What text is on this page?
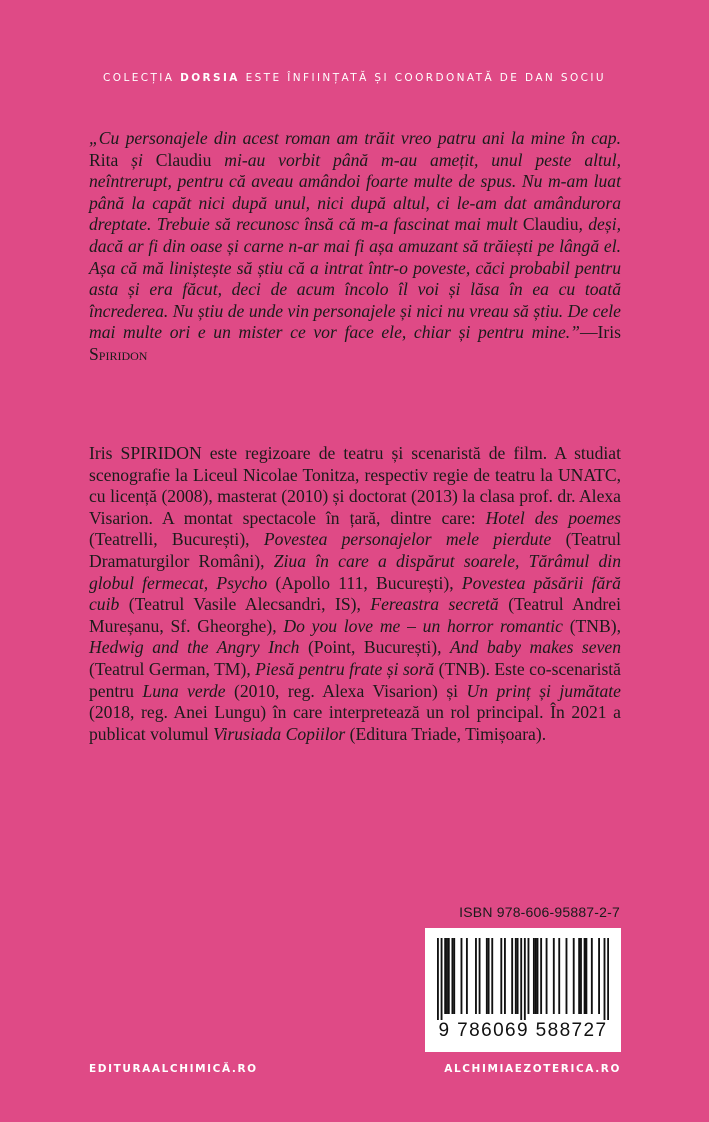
COLECȚIA DORSIA ESTE ÎNFIINȚATĂ ȘI COORDONATĂ DE DAN SOCIU
„Cu personajele din acest roman am trăit vreo patru ani la mine în cap. Rita și Claudiu mi-au vorbit până m-au amețit, unul peste altul, neîntrerupt, pentru că aveau amândoi foarte multe de spus. Nu m-am luat până la capăt nici după unul, nici după altul, ci le-am dat amândurora dreptate. Trebuie să recunosc însă că m-a fascinat mai mult Claudiu, deși, dacă ar fi din oase și carne n-ar mai fi așa amuzant să trăiești pe lângă el. Așa că mă liniștește să știu că a intrat într-o poveste, căci probabil pentru asta și era făcut, deci de acum încolo îl voi și lăsa în ea cu toată încrederea. Nu știu de unde vin personajele și nici nu vreau să știu. De cele mai multe ori e un mister ce vor face ele, chiar și pentru mine.”—Iris Spiridon
Iris SPIRIDON este regizoare de teatru și scenaristă de film. A studiat scenografie la Liceul Nicolae Tonitza, respectiv regie de teatru la UNATC, cu licență (2008), masterat (2010) și doctorat (2013) la clasa prof. dr. Alexa Visarion. A montat spectacole în țară, dintre care: Hotel des poemes (Teatrelli, București), Povestea personajelor mele pierdute (Teatrul Dramaturgilor Români), Ziua în care a dispărut soarele, Tărâmul din globul fermecat, Psycho (Apollo 111, București), Povestea păsării fără cuib (Teatrul Vasile Alecsandri, IS), Fereastra secretă (Teatrul Andrei Mureșanu, Sf. Gheorghe), Do you love me – un horror romantic (TNB), Hedwig and the Angry Inch (Point, București), And baby makes seven (Teatrul German, TM), Piesă pentru frate și soră (TNB). Este co-scenaristă pentru Luna verde (2010, reg. Alexa Visarion) și Un prinț și jumătate (2018, reg. Anei Lungu) în care interpretează un rol principal. În 2021 a publicat volumul Virusiada Copiilor (Editura Triade, Timișoara).
ISBN 978-606-95887-2-7
9 786069 588727
EDITURAALCHIMICĂ.RO	ALCHIMIAEZOTERICA.RO
